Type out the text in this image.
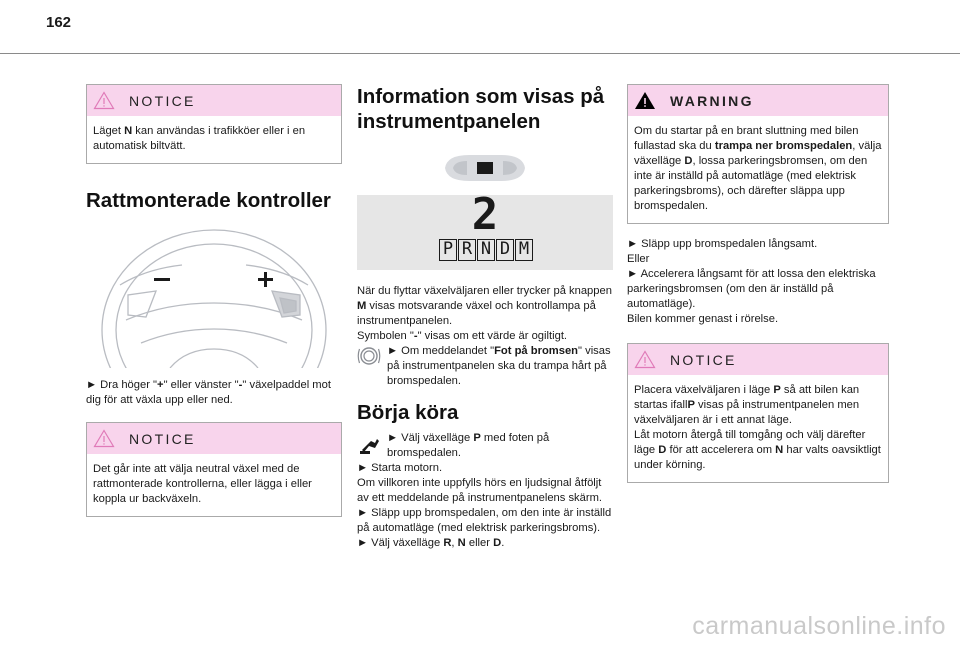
162
NOTICE
Läget N kan användas i trafikköer eller i en automatisk biltvätt.
Rattmonterade kontroller
► Dra höger "+" eller vänster "-" växelpaddel mot dig för att växla upp eller ned.
NOTICE
Det går inte att välja neutral växel med de rattmonterade kontrollerna, eller lägga i eller koppla ur backväxeln.
Information som visas på instrumentpanelen
2
P R N D M
När du flyttar växelväljaren eller trycker på knappen M visas motsvarande växel och kontrollampa på instrumentpanelen.
Symbolen "-" visas om ett värde är ogiltigt.
► Om meddelandet "Fot på bromsen" visas på instrumentpanelen ska du trampa hårt på bromspedalen.
Börja köra
► Välj växelläge P med foten på bromspedalen.
► Starta motorn.
Om villkoren inte uppfylls hörs en ljudsignal åtföljt av ett meddelande på instrumentpanelens skärm.
► Släpp upp bromspedalen, om den inte är inställd på automatläge (med elektrisk parkeringsbroms).
► Välj växelläge R, N eller D.
WARNING
Om du startar på en brant sluttning med bilen fullastad ska du trampa ner bromspedalen, välja växelläge D, lossa parkeringsbromsen, om den inte är inställd på automatläge (med elektrisk parkeringsbroms), och därefter släppa upp bromspedalen.
► Släpp upp bromspedalen långsamt.
Eller
► Accelerera långsamt för att lossa den elektriska parkeringsbromsen (om den är inställd på automatläge).
Bilen kommer genast i rörelse.
NOTICE
Placera växelväljaren i läge P så att bilen kan startas ifallP visas på instrumentpanelen men växelväljaren är i ett annat läge.
Låt motorn återgå till tomgång och välj därefter läge D för att accelerera om N har valts oavsiktligt under körning.
carmanualsonline.info
